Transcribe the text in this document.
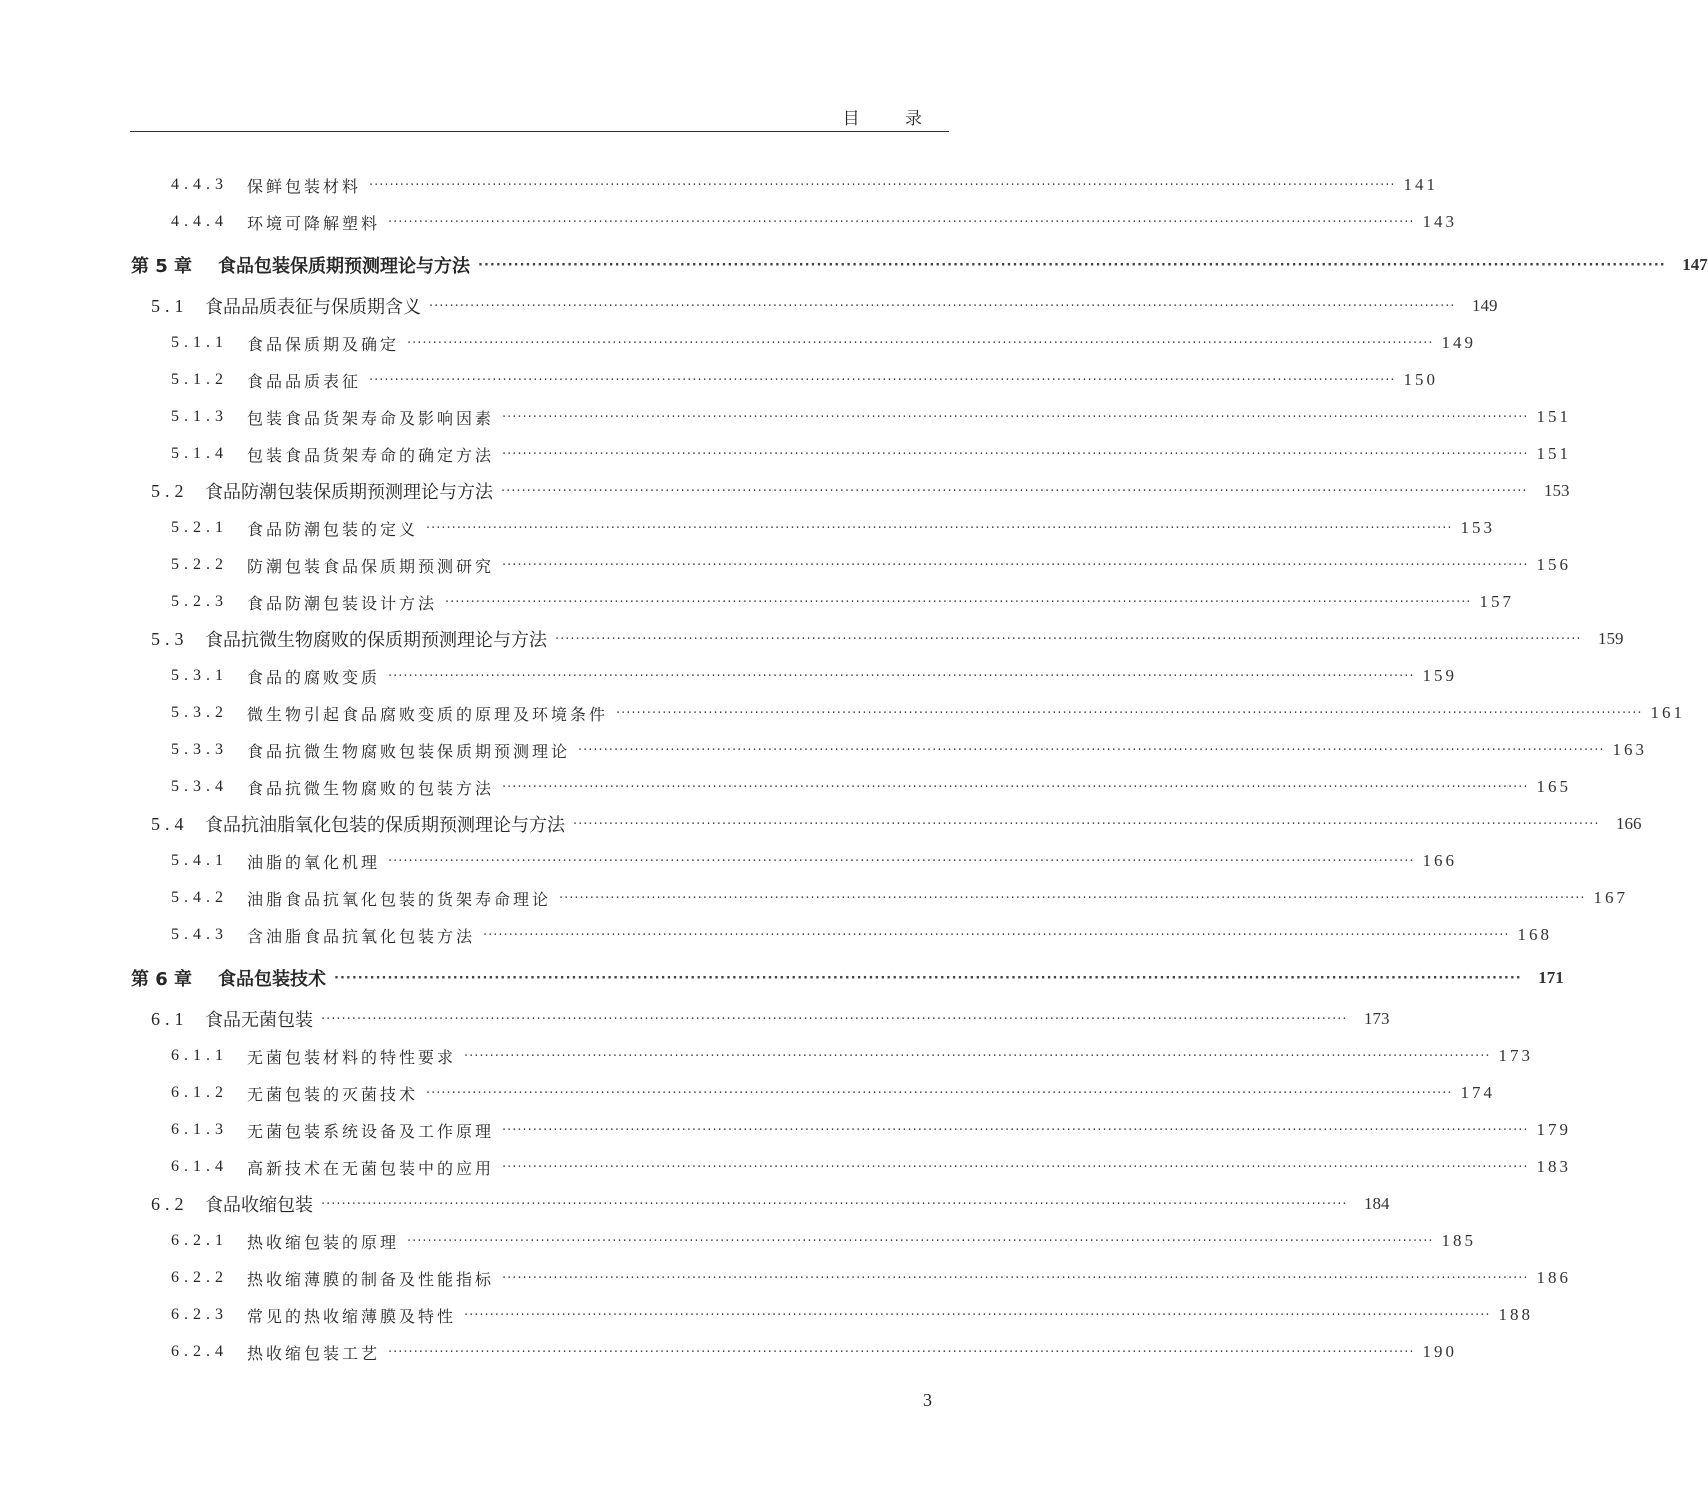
目 录
4.4.3	保鲜包装材料 ········································································································································································································ 141
4.4.4	环境可降解塑料 ········································································································································································································ 143
第 5 章	食品包装保质期预测理论与方法 ········································································································································································································ 147
5.1 食品品质表征与保质期含义 ········································································································································································································ 149
5.1.1	食品保质期及确定 ········································································································································································································ 149
5.1.2	食品品质表征 ········································································································································································································ 150
5.1.3	包装食品货架寿命及影响因素 ········································································································································································································ 151
5.1.4	包装食品货架寿命的确定方法 ········································································································································································································ 151
5.2 食品防潮包装保质期预测理论与方法 ········································································································································································································ 153
5.2.1	食品防潮包装的定义 ········································································································································································································ 153
5.2.2	防潮包装食品保质期预测研究 ········································································································································································································ 156
5.2.3	食品防潮包装设计方法 ········································································································································································································ 157
5.3 食品抗微生物腐败的保质期预测理论与方法 ········································································································································································································ 159
5.3.1	食品的腐败变质 ········································································································································································································ 159
5.3.2	微生物引起食品腐败变质的原理及环境条件 ········································································································································································································ 161
5.3.3	食品抗微生物腐败包装保质期预测理论 ········································································································································································································ 163
5.3.4	食品抗微生物腐败的包装方法 ········································································································································································································ 165
5.4 食品抗油脂氧化包装的保质期预测理论与方法 ········································································································································································································ 166
5.4.1	油脂的氧化机理 ········································································································································································································ 166
5.4.2	油脂食品抗氧化包装的货架寿命理论 ········································································································································································································ 167
5.4.3	含油脂食品抗氧化包装方法 ········································································································································································································ 168
第 6 章	食品包装技术 ········································································································································································································ 171
6.1 食品无菌包装 ········································································································································································································ 173
6.1.1	无菌包装材料的特性要求 ········································································································································································································ 173
6.1.2	无菌包装的灭菌技术 ········································································································································································································ 174
6.1.3	无菌包装系统设备及工作原理 ········································································································································································································ 179
6.1.4	高新技术在无菌包装中的应用 ········································································································································································································ 183
6.2 食品收缩包装 ········································································································································································································ 184
6.2.1	热收缩包装的原理 ········································································································································································································ 185
6.2.2	热收缩薄膜的制备及性能指标 ········································································································································································································ 186
6.2.3	常见的热收缩薄膜及特性 ········································································································································································································ 188
6.2.4	热收缩包装工艺 ········································································································································································································ 190
3
